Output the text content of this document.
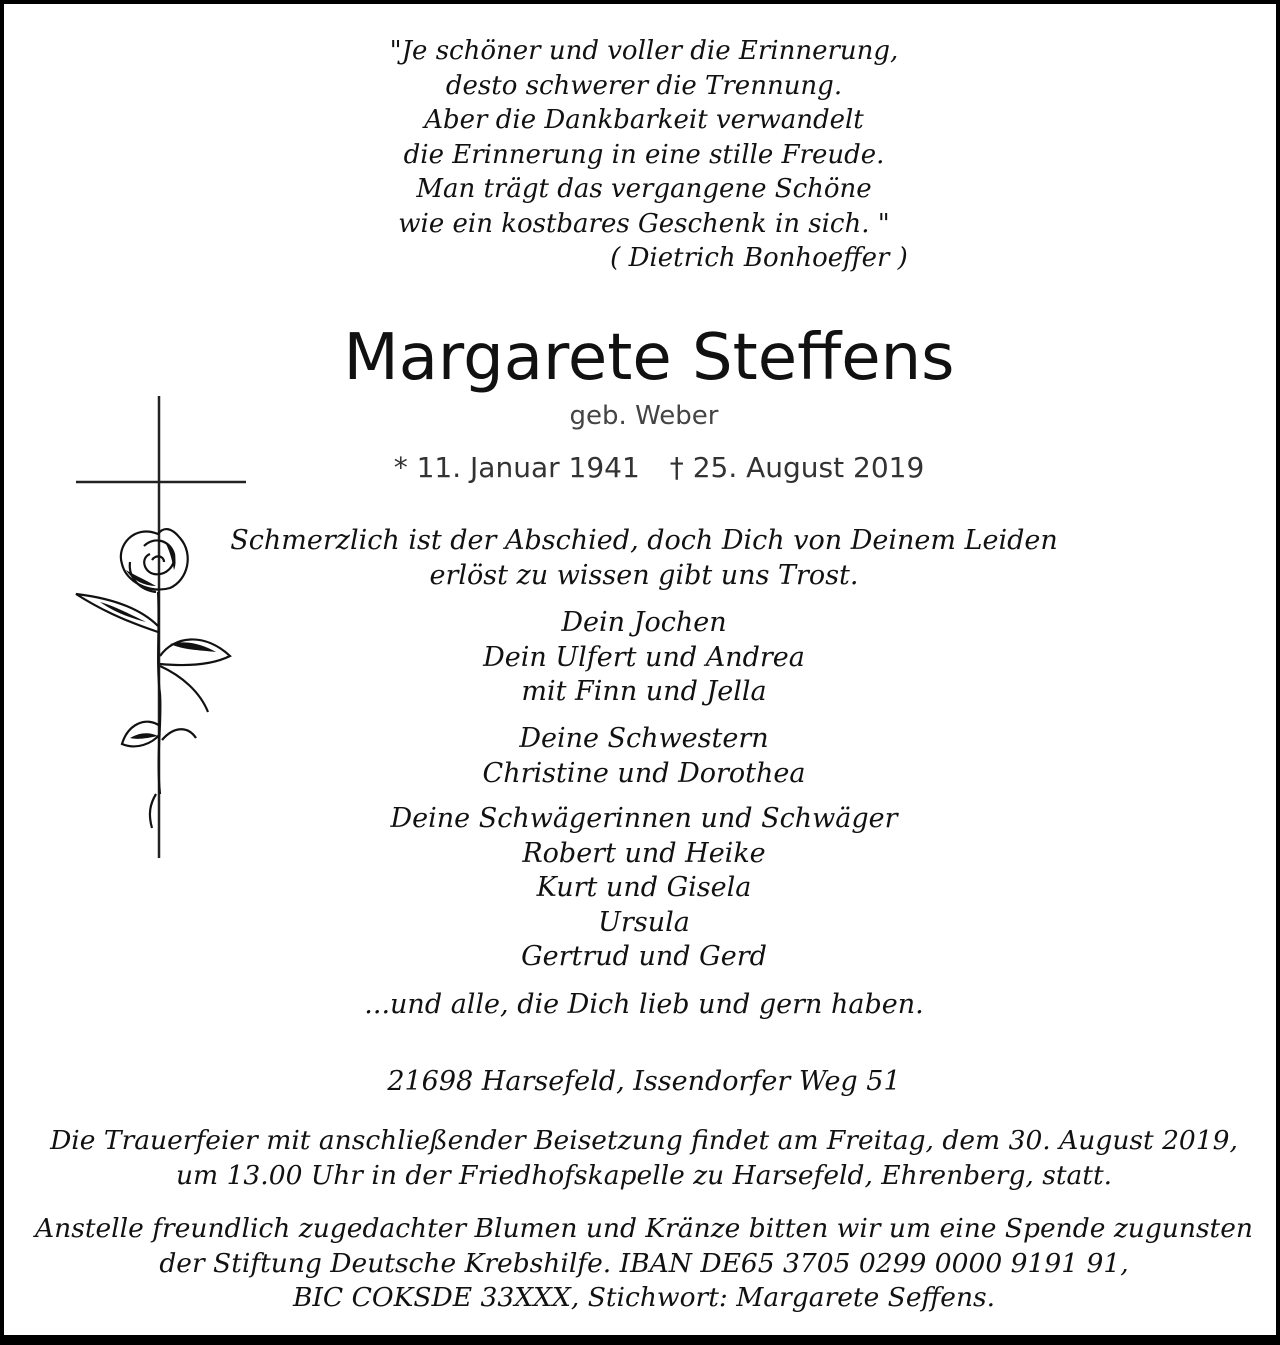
"Je schöner und voller die Erinnerung,
desto schwerer die Trennung.
Aber die Dankbarkeit verwandelt
die Erinnerung in eine stille Freude.
Man trägt das vergangene Schöne
wie ein kostbares Geschenk in sich. "
( Dietrich Bonhoeffer )
Margarete Steffens
geb. Weber
* 11. Januar 1941 † 25. August 2019
Schmerzlich ist der Abschied, doch Dich von Deinem Leiden
erlöst zu wissen gibt uns Trost.
Dein Jochen
Dein Ulfert und Andrea
mit Finn und Jella
Deine Schwestern
Christine und Dorothea
Deine Schwägerinnen und Schwäger
Robert und Heike
Kurt und Gisela
Ursula
Gertrud und Gerd
...und alle, die Dich lieb und gern haben.
21698 Harsefeld, Issendorfer Weg 51
Die Trauerfeier mit anschließender Beisetzung findet am Freitag, dem 30. August 2019,
um 13.00 Uhr in der Friedhofskapelle zu Harsefeld, Ehrenberg, statt.
Anstelle freundlich zugedachter Blumen und Kränze bitten wir um eine Spende zugunsten
der Stiftung Deutsche Krebshilfe. IBAN DE65 3705 0299 0000 9191 91,
BIC COKSDE 33XXX, Stichwort: Margarete Seffens.
